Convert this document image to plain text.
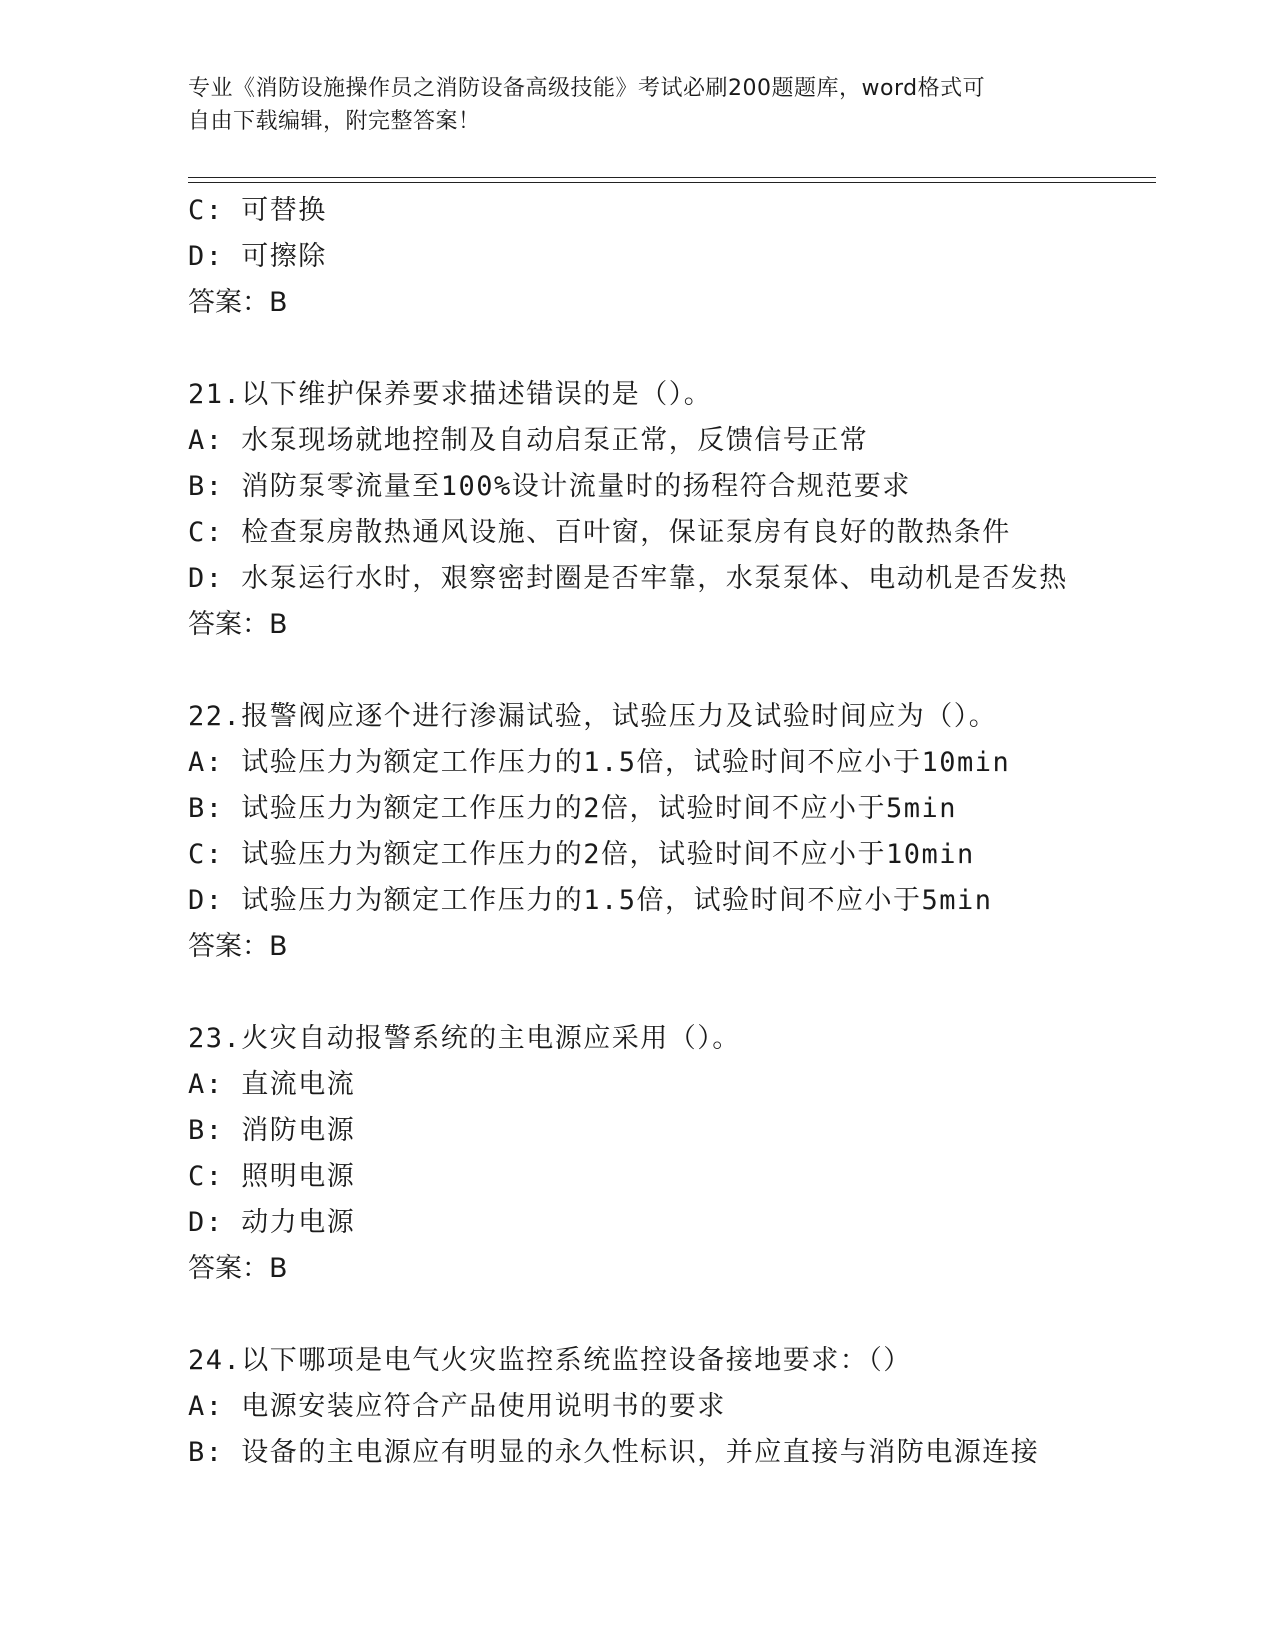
专业《消防设施操作员之消防设备高级技能》考试必刷200题题库，word格式可
自由下载编辑，附完整答案！
C: 可替换
D: 可擦除
答案：B
21.以下维护保养要求描述错误的是（）。
A: 水泵现场就地控制及自动启泵正常，反馈信号正常
B: 消防泵零流量至100%设计流量时的扬程符合规范要求
C: 检查泵房散热通风设施、百叶窗，保证泵房有良好的散热条件
D: 水泵运行水时，艰察密封圈是否牢靠，水泵泵体、电动机是否发热
答案：B
22.报警阀应逐个进行渗漏试验，试验压力及试验时间应为（）。
A: 试验压力为额定工作压力的1.5倍，试验时间不应小于10min
B: 试验压力为额定工作压力的2倍，试验时间不应小于5min
C: 试验压力为额定工作压力的2倍，试验时间不应小于10min
D: 试验压力为额定工作压力的1.5倍，试验时间不应小于5min
答案：B
23.火灾自动报警系统的主电源应采用（）。
A: 直流电流
B: 消防电源
C: 照明电源
D: 动力电源
答案：B
24.以下哪项是电气火灾监控系统监控设备接地要求：（）
A: 电源安装应符合产品使用说明书的要求
B: 设备的主电源应有明显的永久性标识，并应直接与消防电源连接
